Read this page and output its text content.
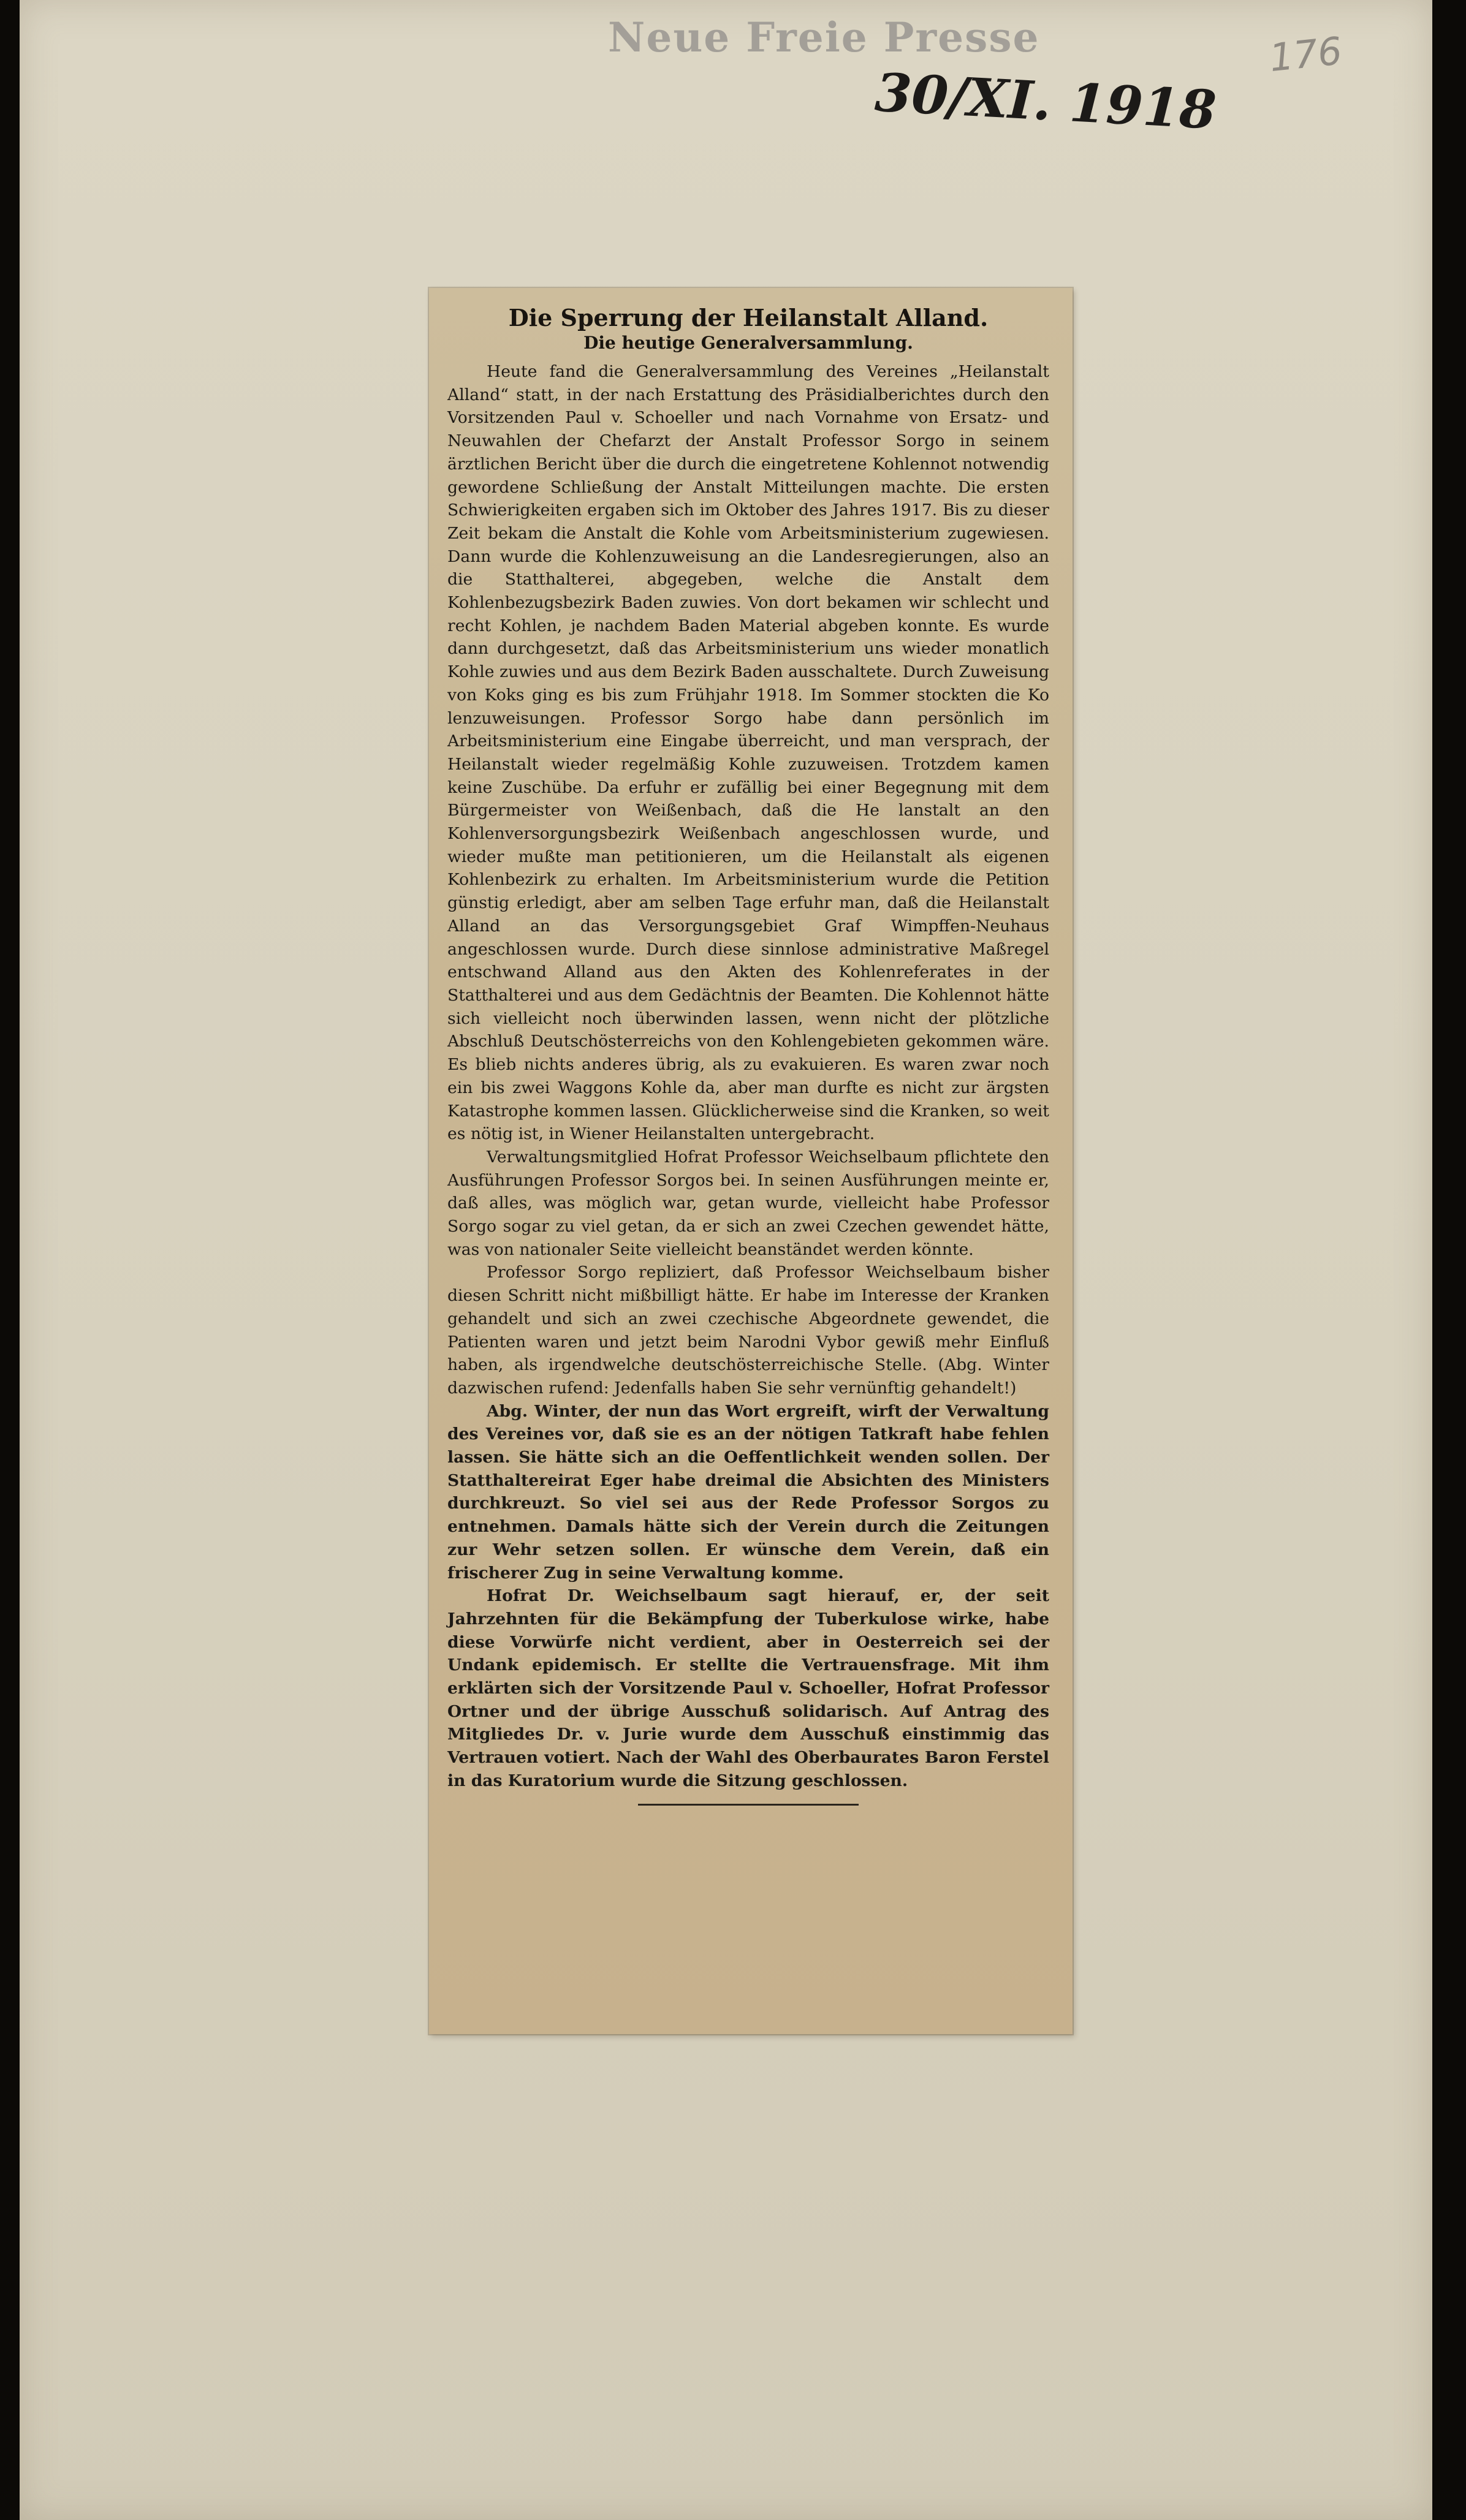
Neue Freie Presse	176
30/XI. 1918
Die Sperrung der Heilanstalt Alland.
Die heutige Generalversammlung.

Heute fand die Generalversammlung des Vereines „Heilanstalt Alland“ statt, in der nach Erstattung des Präsidialberichtes durch den Vorsitzenden Paul v. Schoeller und nach Vornahme von Ersatz- und Neuwahlen der Chefarzt der Anstalt Professor Sorgo in seinem ärztlichen Bericht über die durch die eingetretene Kohlennot notwendig gewordene Schließung der Anstalt Mitteilungen machte. Die ersten Schwierigkeiten ergaben sich im Oktober des Jahres 1917. Bis zu dieser Zeit bekam die Anstalt die Kohle vom Arbeitsministerium zugewiesen. Dann wurde die Kohlenzuweisung an die Landesregierungen, also an die Statthalterei, abgegeben, welche die Anstalt dem Kohlenbezugsbezirk Baden zuwies. Von dort bekamen wir schlecht und recht Kohlen, je nachdem Baden Material abgeben konnte. Es wurde dann durchgesetzt, daß das Arbeitsministerium uns wieder monatlich Kohle zuwies und aus dem Bezirk Baden ausschaltete. Durch Zuweisung von Koks ging es bis zum Frühjahr 1918. Im Sommer stockten die Ko lenzuweisungen. Professor Sorgo habe dann persönlich im Arbeitsministerium eine Eingabe überreicht, und man versprach, der Heilanstalt wieder regelmäßig Kohle zuzuweisen. Trotzdem kamen keine Zuschübe. Da erfuhr er zufällig bei einer Begegnung mit dem Bürgermeister von Weißenbach, daß die He lanstalt an den Kohlenversorgungsbezirk Weißenbach angeschlossen wurde, und wieder mußte man petitionieren, um die Heilanstalt als eigenen Kohlenbezirk zu erhalten. Im Arbeitsministerium wurde die Petition günstig erledigt, aber am selben Tage erfuhr man, daß die Heilanstalt Alland an das Versorgungsgebiet Graf Wimpffen-Neuhaus angeschlossen wurde. Durch diese sinnlose administrative Maßregel entschwand Alland aus den Akten des Kohlenreferates in der Statthalterei und aus dem Gedächtnis der Beamten. Die Kohlennot hätte sich vielleicht noch überwinden lassen, wenn nicht der plötzliche Abschluß Deutschösterreichs von den Kohlengebieten gekommen wäre. Es blieb nichts anderes übrig, als zu evakuieren. Es waren zwar noch ein bis zwei Waggons Kohle da, aber man durfte es nicht zur ärgsten Katastrophe kommen lassen. Glücklicherweise sind die Kranken, so weit es nötig ist, in Wiener Heilanstalten untergebracht.

Verwaltungsmitglied Hofrat Professor Weichselbaum pflichtete den Ausführungen Professor Sorgos bei. In seinen Ausführungen meinte er, daß alles, was möglich war, getan wurde, vielleicht habe Professor Sorgo sogar zu viel getan, da er sich an zwei Czechen gewendet hätte, was von nationaler Seite vielleicht beanständet werden könnte.

Professor Sorgo repliziert, daß Professor Weichselbaum bisher diesen Schritt nicht mißbilligt hätte. Er habe im Interesse der Kranken gehandelt und sich an zwei czechische Abgeordnete gewendet, die Patienten waren und jetzt beim Narodni Vybor gewiß mehr Einfluß haben, als irgendwelche deutschösterreichische Stelle. (Abg. Winter dazwischen rufend: Jedenfalls haben Sie sehr vernünftig gehandelt!)

Abg. Winter, der nun das Wort ergreift, wirft der Verwaltung des Vereines vor, daß sie es an der nötigen Tatkraft habe fehlen lassen. Sie hätte sich an die Oeffentlichkeit wenden sollen. Der Statthaltereirat Eger habe dreimal die Absichten des Ministers durchkreuzt. So viel sei aus der Rede Professor Sorgos zu entnehmen. Damals hätte sich der Verein durch die Zeitungen zur Wehr setzen sollen. Er wünsche dem Verein, daß ein frischerer Zug in seine Verwaltung komme.

Hofrat Dr. Weichselbaum sagt hierauf, er, der seit Jahrzehnten für die Bekämpfung der Tuberkulose wirke, habe diese Vorwürfe nicht verdient, aber in Oesterreich sei der Undank epidemisch. Er stellte die Vertrauensfrage. Mit ihm erklärten sich der Vorsitzende Paul v. Schoeller, Hofrat Professor Ortner und der übrige Ausschuß solidarisch. Auf Antrag des Mitgliedes Dr. v. Jurie wurde dem Ausschuß einstimmig das Vertrauen votiert. Nach der Wahl des Oberbaurates Baron Ferstel in das Kuratorium wurde die Sitzung geschlossen.
